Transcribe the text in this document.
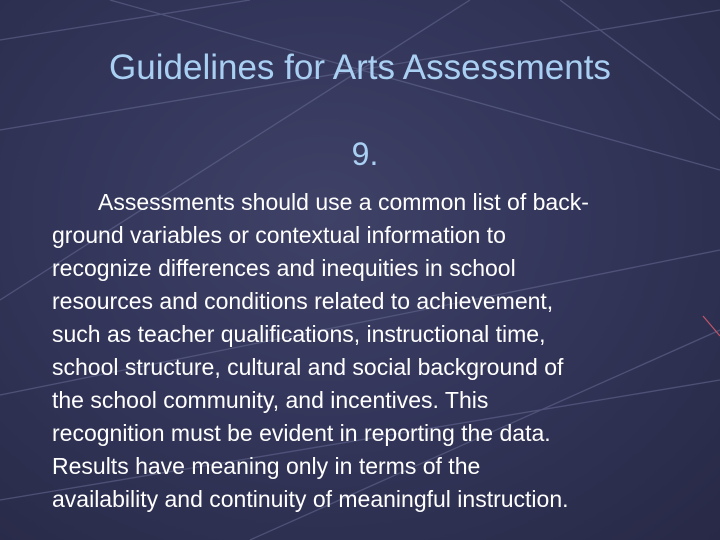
Guidelines for Arts Assessments
9.

Assessments should use a common list of back-
ground variables or contextual information to
recognize differences and inequities in school
resources and conditions related to achievement,
such as teacher qualifications, instructional time,
school structure, cultural and social background of
the school community, and incentives. This
recognition must be evident in reporting the data.
Results have meaning only in terms of the
availability and continuity of meaningful instruction.
